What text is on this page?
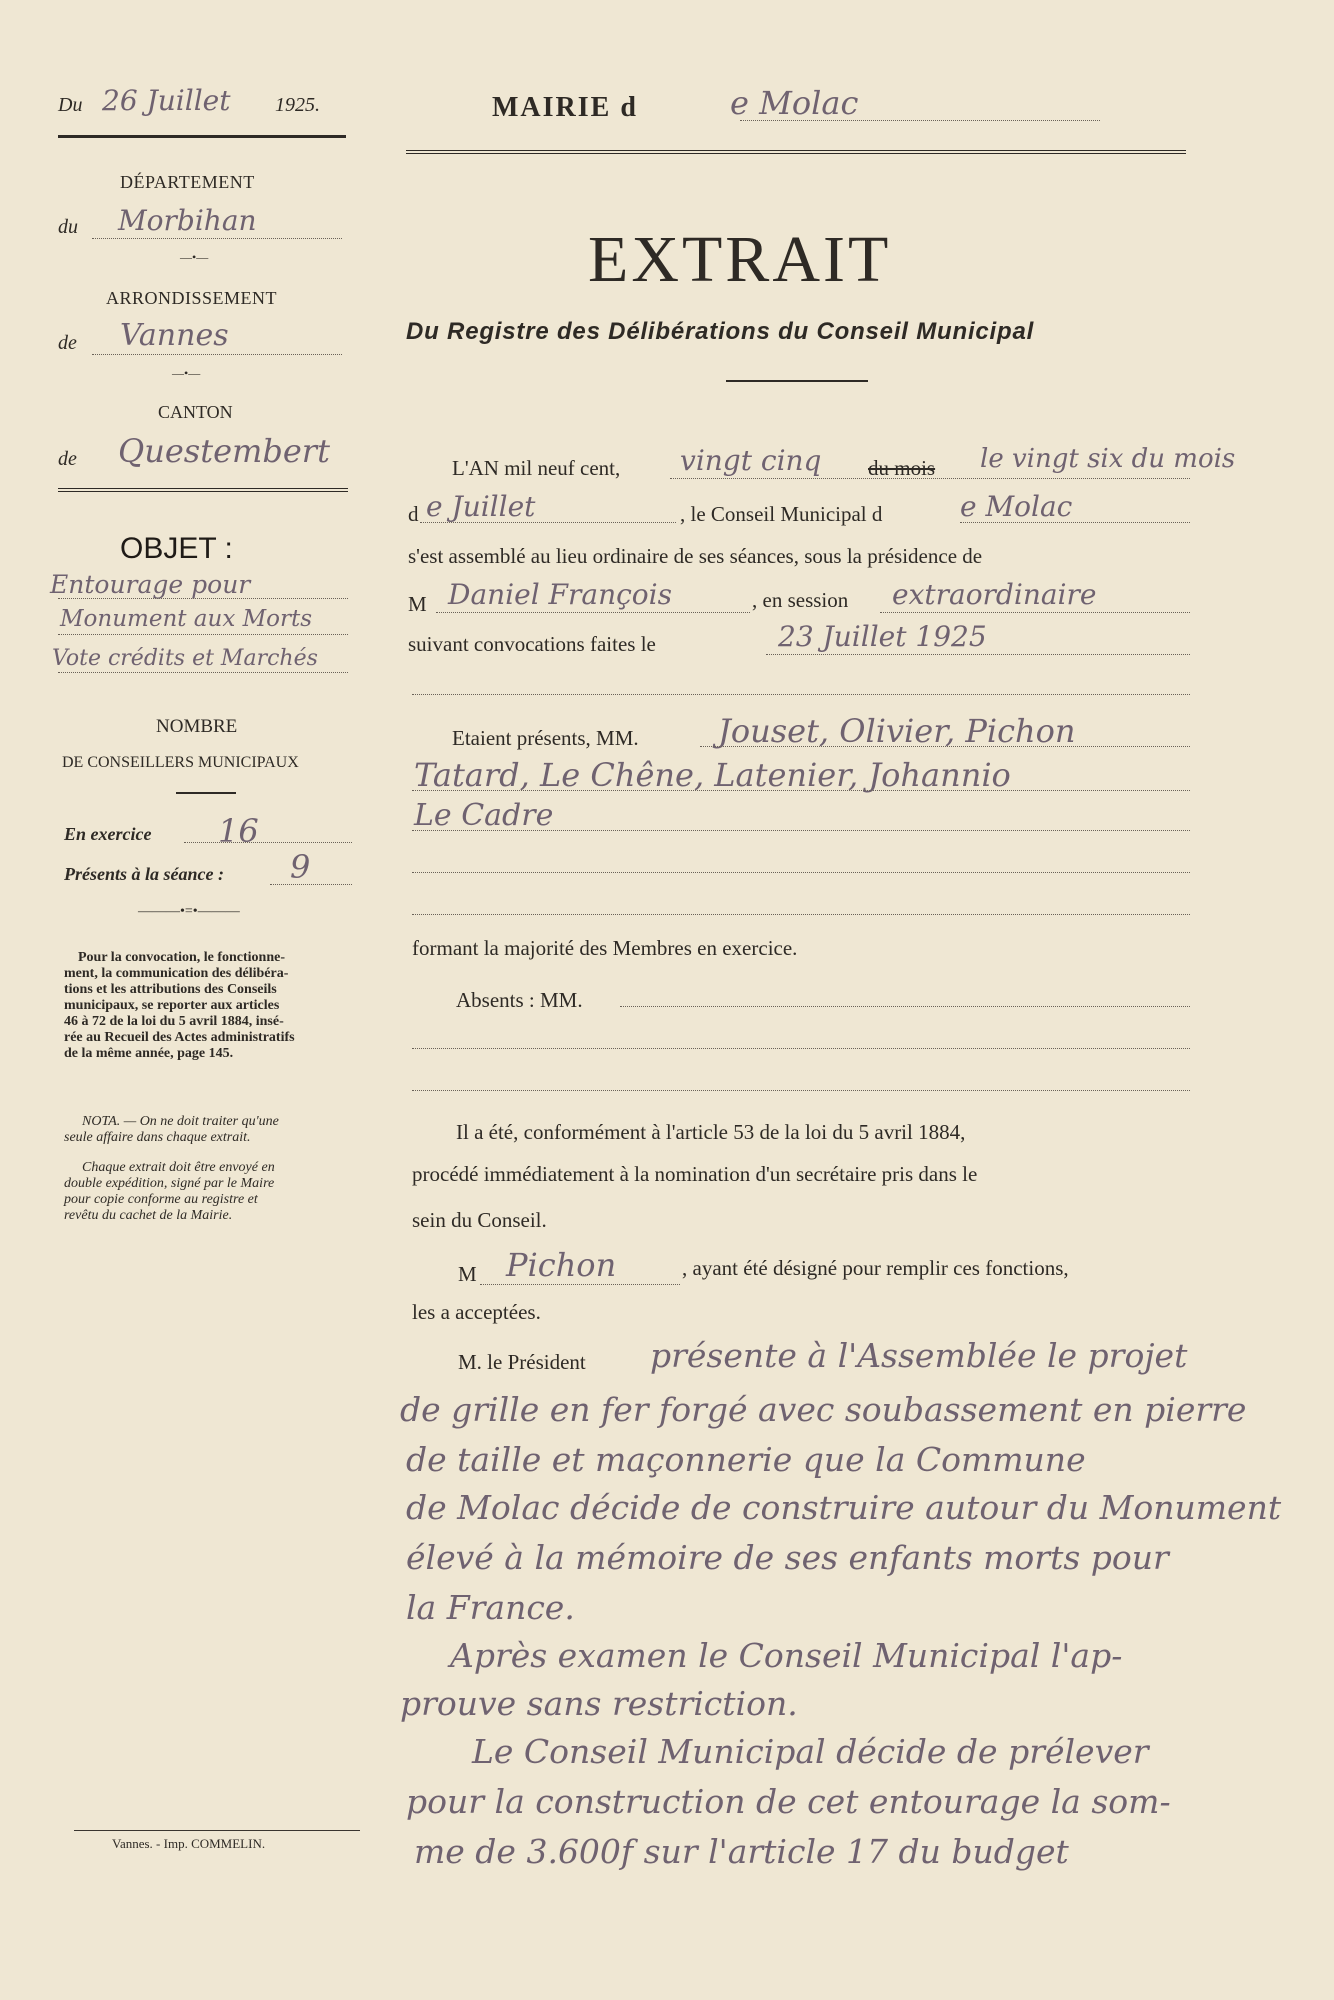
Du 26 Juillet 1925.
DÉPARTEMENT
du Morbihan
—•—
ARRONDISSEMENT
de Vannes
—•—
CANTON
de Questembert
OBJET :
Entourage pour
Monument aux Morts
Vote crédits et Marchés
NOMBRE
DE CONSEILLERS MUNICIPAUX
En exercice 16
Présents à la séance : 9
———•=•———
Pour la convocation, le fonctionne-
ment, la communication des délibéra-
tions et les attributions des Conseils
municipaux, se reporter aux articles
46 à 72 de la loi du 5 avril 1884, insé-
rée au Recueil des Actes administratifs
de la même année, page 145.
NOTA. — On ne doit traiter qu'une
seule affaire dans chaque extrait.
Chaque extrait doit être envoyé en
double expédition, signé par le Maire
pour copie conforme au registre et
revêtu du cachet de la Mairie.
Vannes. - Imp. COMMELIN.
MAIRIE d	e Molac
EXTRAIT
Du Registre des Délibérations du Conseil Municipal
L'AN mil neuf cent, vingt cinq du mois le vingt six du mois
d e Juillet	, le Conseil Municipal d	e Molac
s'est assemblé au lieu ordinaire de ses séances, sous la présidence de
M Daniel François	, en session extraordinaire
suivant convocations faites le	23 Juillet 1925
Etaient présents, MM. Jouset, Olivier, Pichon
Tatard, Le Chêne, Latenier, Johannio
Le Cadre
formant la majorité des Membres en exercice.
Absents : MM.
Il a été, conformément à l'article 53 de la loi du 5 avril 1884,
procédé immédiatement à la nomination d'un secrétaire pris dans le
sein du Conseil.
M Pichon	, ayant été désigné pour remplir ces fonctions,
les a acceptées.
M. le Président présente à l'Assemblée le projet
de grille en fer forgé avec soubassement en pierre
de taille et maçonnerie que la Commune
de Molac décide de construire autour du Monument
élevé à la mémoire de ses enfants morts pour
la France.
Après examen le Conseil Municipal l'ap-
prouve sans restriction.
Le Conseil Municipal décide de prélever
pour la construction de cet entourage la som-
me de 3.600f sur l'article 17 du budget
